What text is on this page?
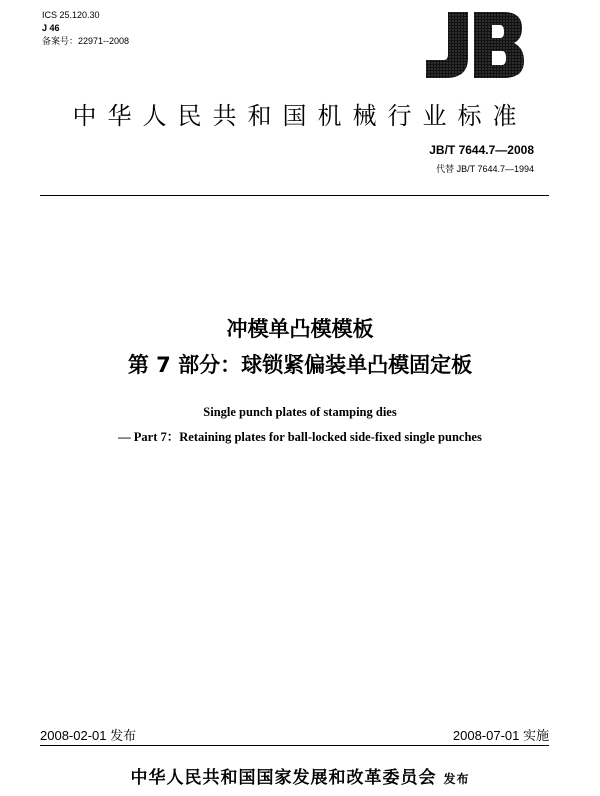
ICS 25.120.30
J 46
备案号：22971--2008
中华人民共和国机械行业标准
JB/T 7644.7—2008
代替 JB/T 7644.7—1994
冲模单凸模模板
第 7 部分：球锁紧偏装单凸模固定板
Single punch plates of stamping dies
— Part 7：Retaining plates for ball-locked side-fixed single punches
2008-02-01 发布	2008-07-01 实施
中华人民共和国国家发展和改革委员会 发布
